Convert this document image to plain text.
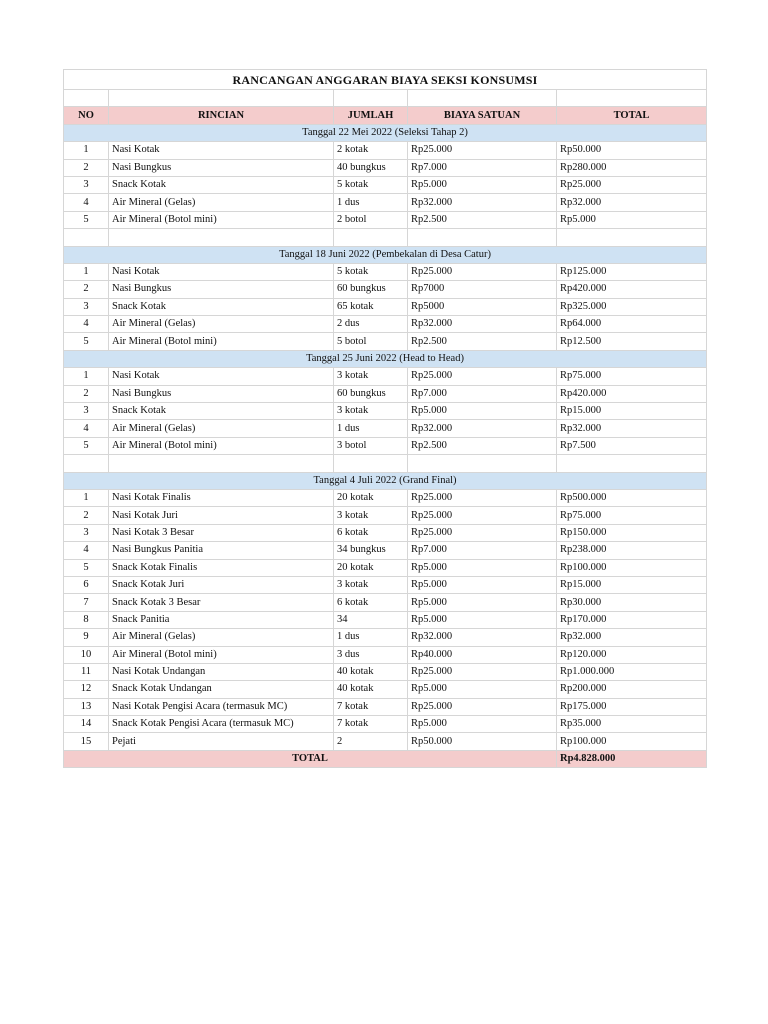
RANCANGAN ANGGARAN BIAYA SEKSI KONSUMSI				

NO	RINCIAN	JUMLAH	BIAYA SATUAN	TOTAL
Tanggal 22 Mei 2022 (Seleksi Tahap 2)				
1	Nasi Kotak	2 kotak	Rp25.000	Rp50.000
2	Nasi Bungkus	40 bungkus	Rp7.000	Rp280.000
3	Snack Kotak	5 kotak	Rp5.000	Rp25.000
4	Air Mineral (Gelas)	1 dus	Rp32.000	Rp32.000
5	Air Mineral (Botol mini)	2 botol	Rp2.500	Rp5.000

Tanggal 18 Juni 2022 (Pembekalan di Desa Catur)				
1	Nasi Kotak	5 kotak	Rp25.000	Rp125.000
2	Nasi Bungkus	60 bungkus	Rp7000	Rp420.000
3	Snack Kotak	65 kotak	Rp5000	Rp325.000
4	Air Mineral (Gelas)	2 dus	Rp32.000	Rp64.000
5	Air Mineral (Botol mini)	5 botol	Rp2.500	Rp12.500
Tanggal 25 Juni 2022 (Head to Head)				
1	Nasi Kotak	3 kotak	Rp25.000	Rp75.000
2	Nasi Bungkus	60 bungkus	Rp7.000	Rp420.000
3	Snack Kotak	3 kotak	Rp5.000	Rp15.000
4	Air Mineral (Gelas)	1 dus	Rp32.000	Rp32.000
5	Air Mineral (Botol mini)	3 botol	Rp2.500	Rp7.500

Tanggal 4 Juli 2022 (Grand Final)				
1	Nasi Kotak Finalis	20 kotak	Rp25.000	Rp500.000
2	Nasi Kotak Juri	3 kotak	Rp25.000	Rp75.000
3	Nasi Kotak 3 Besar	6 kotak	Rp25.000	Rp150.000
4	Nasi Bungkus Panitia	34 bungkus	Rp7.000	Rp238.000
5	Snack Kotak Finalis	20 kotak	Rp5.000	Rp100.000
6	Snack Kotak Juri	3 kotak	Rp5.000	Rp15.000
7	Snack Kotak 3 Besar	6 kotak	Rp5.000	Rp30.000
8	Snack Panitia	34	Rp5.000	Rp170.000
9	Air Mineral (Gelas)	1 dus	Rp32.000	Rp32.000
10	Air Mineral (Botol mini)	3 dus	Rp40.000	Rp120.000
11	Nasi Kotak Undangan	40 kotak	Rp25.000	Rp1.000.000
12	Snack Kotak Undangan	40 kotak	Rp5.000	Rp200.000
13	Nasi Kotak Pengisi Acara (termasuk MC)	7 kotak	Rp25.000	Rp175.000
14	Snack Kotak Pengisi Acara (termasuk MC)	7 kotak	Rp5.000	Rp35.000
15	Pejati	2	Rp50.000	Rp100.000
TOTAL				Rp4.828.000
